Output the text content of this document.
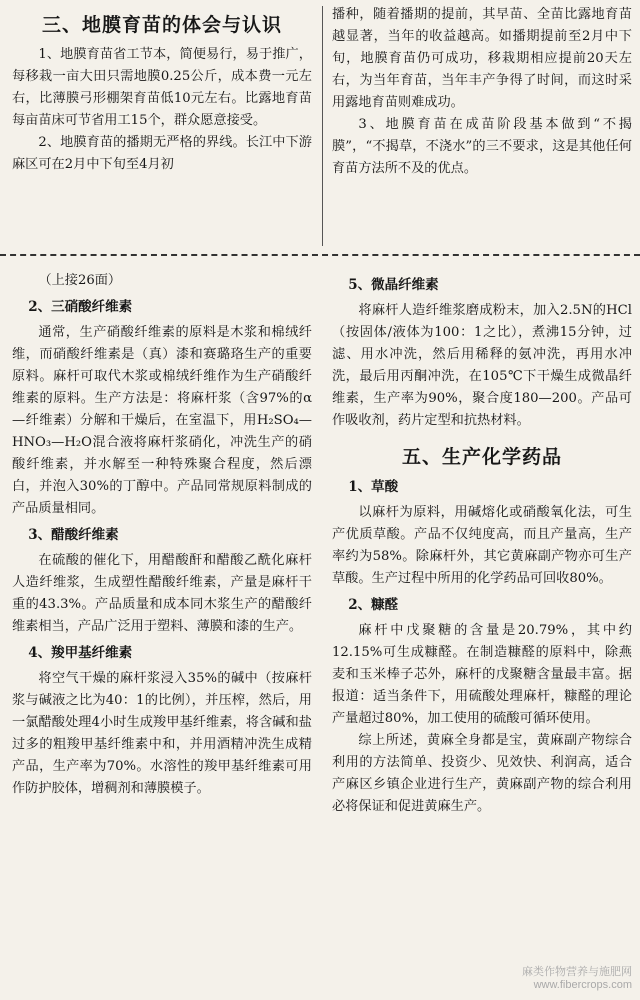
三、地膜育苗的体会与认识

1、地膜育苗省工节本，简便易行，易于推广，每移栽一亩大田只需地膜0.25公斤，成本费一元左右，比薄膜弓形棚架育苗低10元左右。比露地育苗每亩苗床可节省用工15个，群众愿意接受。

2、地膜育苗的播期无严格的界线。长江中下游麻区可在2月中下旬至4月初

播种，随着播期的提前，其早苗、全苗比露地育苗越显著，当年的收益越高。如播期提前至2月中下旬，地膜育苗仍可成功，移栽期相应提前20天左右，为当年育苗，当年丰产争得了时间，而这时采用露地育苗则难成功。

3、地膜育苗在成苗阶段基本做到“不揭膜”，“不揭草，不浇水”的三不要求，这是其他任何育苗方法所不及的优点。

（上接26面）

2、三硝酸纤维素

通常，生产硝酸纤维素的原料是木浆和棉绒纤维，而硝酸纤维素是（真）漆和赛璐珞生产的重要原料。麻杆可取代木浆或棉绒纤维作为生产硝酸纤维素的原料。生产方法是：将麻杆浆（含97%的α—纤维素）分解和干燥后，在室温下，用H₂SO₄—HNO₃—H₂O混合液将麻杆浆硝化，冲洗生产的硝酸纤维素，并水解至一种特殊聚合程度，然后漂白，并泡入30%的丁醇中。产品同常规原料制成的产品质量相同。

3、醋酸纤维素

在硫酸的催化下，用醋酸酐和醋酸乙酰化麻杆人造纤维浆，生成塑性醋酸纤维素，产量是麻杆干重的43.3%。产品质量和成本同木浆生产的醋酸纤维素相当，产品广泛用于塑料、薄膜和漆的生产。

4、羧甲基纤维素

将空气干燥的麻杆浆浸入35%的碱中（按麻杆浆与碱液之比为40：1的比例），并压榨，然后，用一氯醋酸处理4小时生成羧甲基纤维素，将含碱和盐过多的粗羧甲基纤维素中和，并用酒精冲洗生成精产品，生产率为70%。水溶性的羧甲基纤维素可用作防护胶体，增稠剂和薄膜模子。

5、微晶纤维素

将麻杆人造纤维浆磨成粉末，加入2.5N的HCl（按固体/液体为100：1之比），煮沸15分钟，过滤、用水冲洗，然后用稀释的氨冲洗，再用水冲洗，最后用丙酮冲洗，在105℃下干燥生成微晶纤维素，生产率为90%，聚合度180—200。产品可作吸收剂，药片定型和抗热材料。

五、生产化学药品
1、草酸

以麻杆为原料，用碱熔化或硝酸氧化法，可生产优质草酸。产品不仅纯度高，而且产量高，生产率约为58%。除麻杆外，其它黄麻副产物亦可生产草酸。生产过程中所用的化学药品可回收80%。

2、糠醛

麻杆中戊聚糖的含量是20.79%，其中约12.15%可生成糠醛。在制造糠醛的原料中，除燕麦和玉米棒子芯外，麻杆的戊聚糖含量最丰富。据报道：适当条件下，用硫酸处理麻杆，糠醛的理论产量超过80%，加工使用的硫酸可循环使用。

综上所述，黄麻全身都是宝，黄麻副产物综合利用的方法简单、投资少、见效快、利润高，适合产麻区乡镇企业进行生产，黄麻副产物的综合利用必将保证和促进黄麻生产。

麻类作物营养与施肥网
www.fibercrops.com
